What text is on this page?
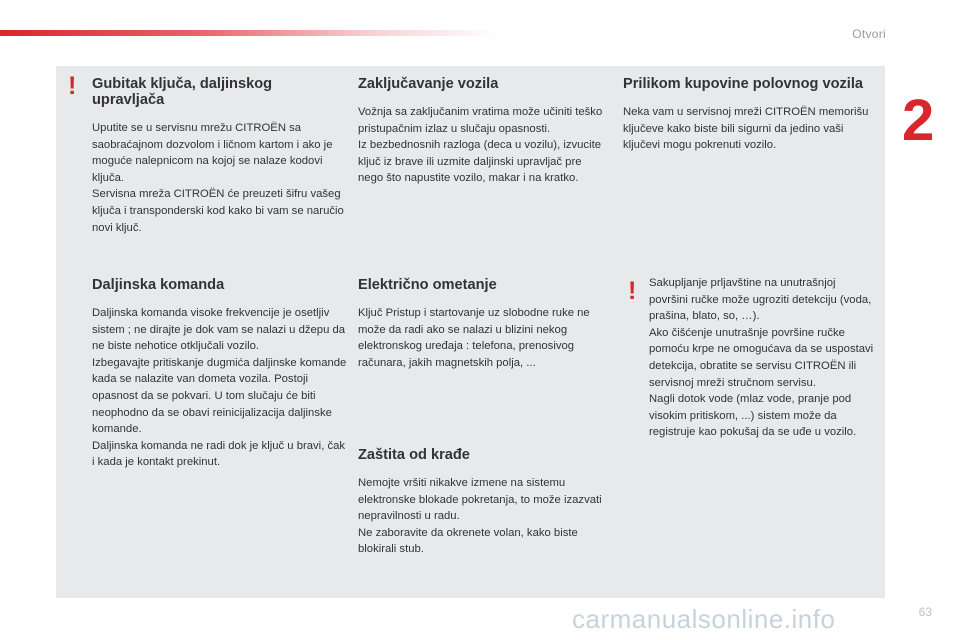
Otvori
2
! Gubitak ključa, daljinskog upravljača

Uputite se u servisnu mrežu CITROËN sa saobraćajnom dozvolom i ličnom kartom i ako je moguće nalepnicom na kojoj se nalaze kodovi ključa.

Servisna mreža CITROËN će preuzeti šifru vašeg ključa i transponderski kod kako bi vam se naručio novi ključ.

Daljinska komanda

Daljinska komanda visoke frekvencije je osetljiv sistem ; ne dirajte je dok vam se nalazi u džepu da ne biste nehotice otključali vozilo.

Izbegavajte pritiskanje dugmića daljinske komande kada se nalazite van dometa vozila. Postoji opasnost da se pokvari. U tom slučaju će biti neophodno da se obavi reinicijalizacija daljinske komande.

Daljinska komanda ne radi dok je ključ u bravi, čak i kada je kontakt prekinut.

Zaključavanje vozila

Vožnja sa zaključanim vratima može učiniti teško pristupačnim izlaz u slučaju opasnosti.

Iz bezbednosnih razloga (deca u vozilu), izvucite ključ iz brave ili uzmite daljinski upravljač pre nego što napustite vozilo, makar i na kratko.

Električno ometanje

Ključ Pristup i startovanje uz slobodne ruke ne može da radi ako se nalazi u blizini nekog elektronskog uređaja : telefona, prenosivog računara, jakih magnetskih polja, ...

Zaštita od krađe

Nemojte vršiti nikakve izmene na sistemu elektronske blokade pokretanja, to može izazvati nepravilnosti u radu.

Ne zaboravite da okrenete volan, kako biste blokirali stub.

Prilikom kupovine polovnog vozila

Neka vam u servisnoj mreži CITROËN memorišu ključeve kako biste bili sigurni da jedino vaši ključevi mogu pokrenuti vozilo.

! Sakupljanje prljavštine na unutrašnjoj površini ručke može ugroziti detekciju (voda, prašina, blato, so, …).

Ako čišćenje unutrašnje površine ručke pomoću krpe ne omogućava da se uspostavi detekcija, obratite se servisu CITROËN ili servisnoj mreži stručnom servisu.

Nagli dotok vode (mlaz vode, pranje pod visokim pritiskom, ...) sistem može da registruje kao pokušaj da se uđe u vozilo.

63
carmanualsonline.info
